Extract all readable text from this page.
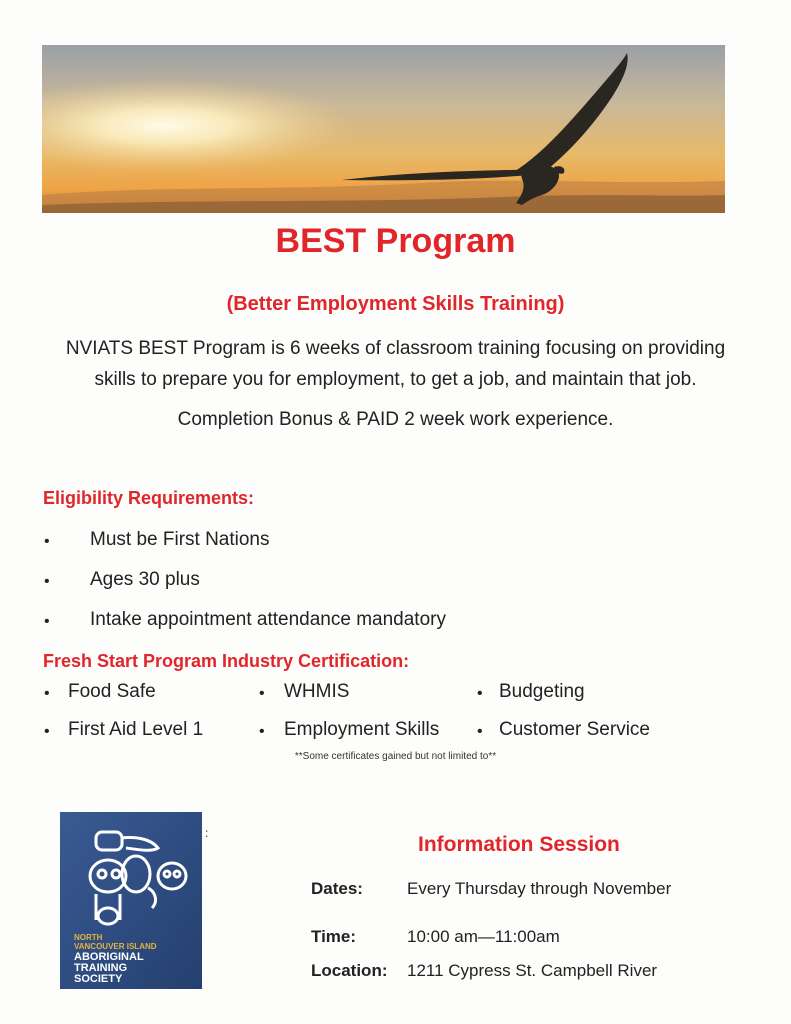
BEST Program
(Better Employment Skills Training)
NVIATS BEST Program is 6 weeks of classroom training focusing on providing
skills to prepare you for employment, to get a job, and maintain that job.
Completion Bonus & PAID 2 week work experience.
Eligibility Requirements:
• Must be First Nations
• Ages 30 plus
• Intake appointment attendance mandatory
Fresh Start Program Industry Certification:
• Food Safe	• WHMIS	• Budgeting
• First Aid Level 1	• Employment Skills • Customer Service
**Some certificates gained but not limited to**
NORTH
VANCOUVER ISLAND
ABORIGINAL
TRAINING
SOCIETY
:	Information Session
Dates:	Every Thursday through November
Time:	10:00 am—11:00am
Location: 1211 Cypress St. Campbell River
